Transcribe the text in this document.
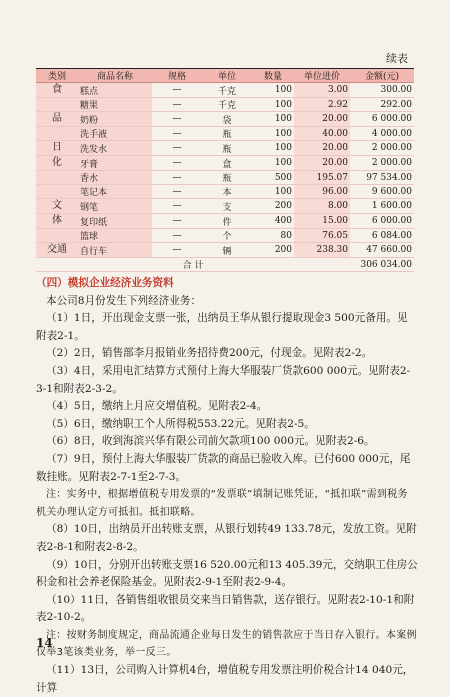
续表
类别	商品名称	规格	单位	数量	单位进价	金额(元)
食	糕点	—	千克	100	3.00	300.00
	糖果	—	千克	100	2.92	292.00
品	奶粉	—	袋	100	20.00	6 000.00
	洗手液	—	瓶	100	40.00	4 000.00
日	洗发水	—	瓶	100	20.00	2 000.00
化	牙膏	—	盒	100	20.00	2 000.00
	香水	—	瓶	500	195.07	97 534.00
	笔记本	—	本	100	96.00	9 600.00
文	钢笔	—	支	200	8.00	1 600.00
体	复印纸	—	件	400	15.00	6 000.00
	篮球	—	个	80	76.05	6 084.00
交通	自行车	—	辆	200	238.30	47 660.00
合 计						306 034.00

（四）模拟企业经济业务资料

本公司8月份发生下列经济业务：

（1）1日，开出现金支票一张，出纳员王华从银行提取现金3 500元备用。见附表2-1。

（2）2日，销售部李月报销业务招待费200元，付现金。见附表2-2。

（3）4日，采用电汇结算方式预付上海大华服装厂货款600 000元。见附表2-3-1和附表2-3-2。

（4）5日，缴纳上月应交增值税。见附表2-4。

（5）6日，缴纳职工个人所得税553.22元。见附表2-5。

（6）8日，收到海滨兴华有限公司前欠款项100 000元。见附表2-6。

（7）9日，预付上海大华服装厂货款的商品已验收入库。已付600 000元，尾数挂账。见附表2-7-1至2-7-3。

注：实务中，根据增值税专用发票的“发票联”填制记账凭证，“抵扣联”需到税务机关办理认定方可抵扣。抵扣联略。

（8）10日，出纳员开出转账支票，从银行划转49 133.78元，发放工资。见附表2-8-1和附表2-8-2。

（9）10日，分别开出转账支票16 520.00元和13 405.39元，交纳职工住房公积金和社会养老保险基金。见附表2-9-1至附表2-9-4。

（10）11日，各销售组收银员交来当日销售款，送存银行。见附表2-10-1和附表2-10-2。

注：按财务制度规定，商品流通企业每日发生的销售款应于当日存入银行。本案例仅举3笔该类业务，举一反三。

（11）13日，公司购入计算机4台，增值税专用发票注明价税合计14 040元，计算

14
